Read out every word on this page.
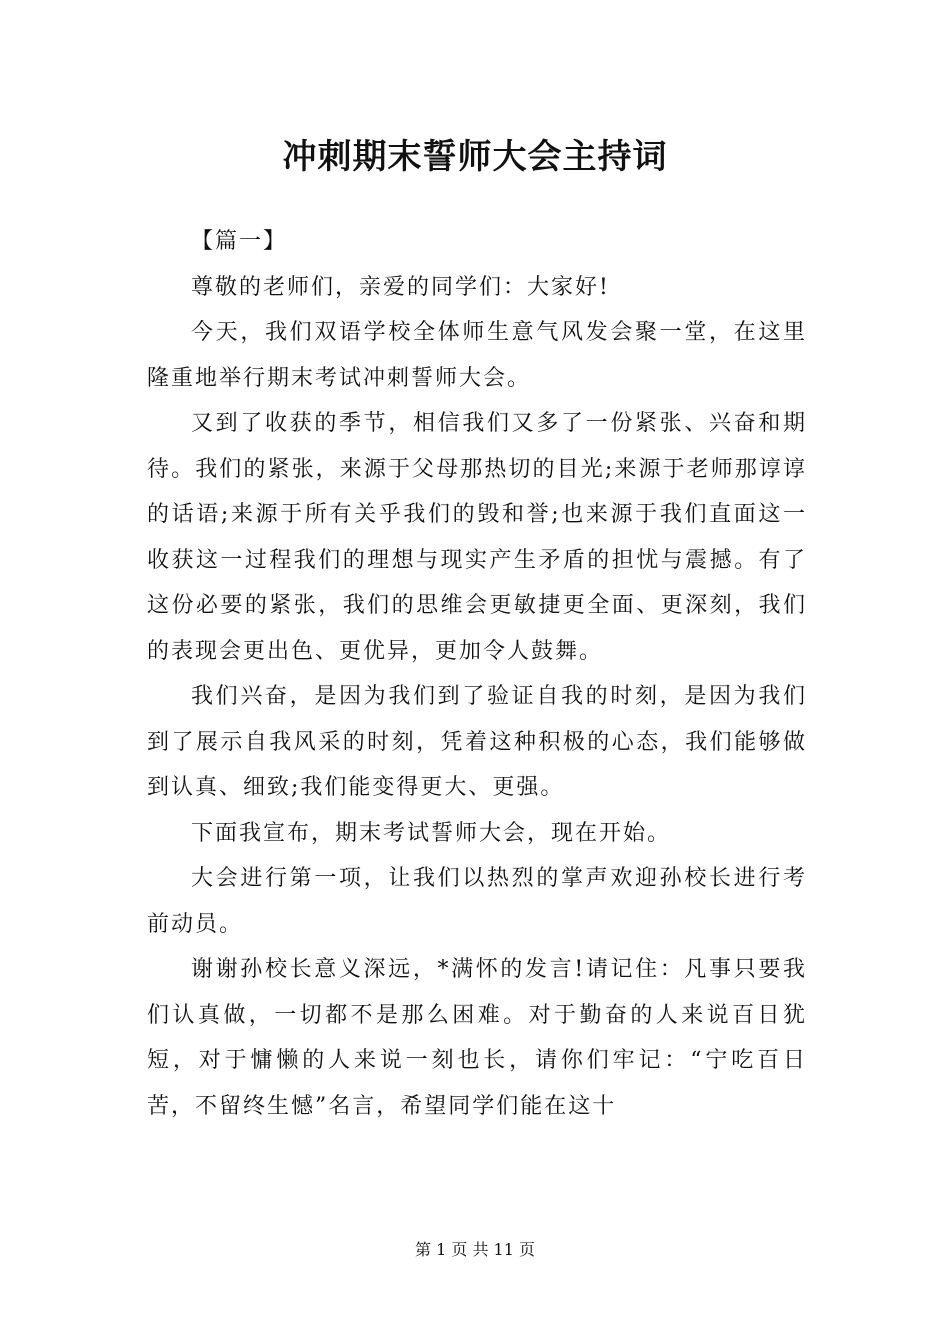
冲刺期末誓师大会主持词

【篇一】

尊敬的老师们，亲爱的同学们：大家好!

今天，我们双语学校全体师生意气风发会聚一堂，在这里隆重地举行期末考试冲刺誓师大会。

又到了收获的季节，相信我们又多了一份紧张、兴奋和期待。我们的紧张，来源于父母那热切的目光;来源于老师那谆谆的话语;来源于所有关乎我们的毁和誉;也来源于我们直面这一收获这一过程我们的理想与现实产生矛盾的担忧与震撼。有了这份必要的紧张，我们的思维会更敏捷更全面、更深刻，我们的表现会更出色、更优异，更加令人鼓舞。

我们兴奋，是因为我们到了验证自我的时刻，是因为我们到了展示自我风采的时刻，凭着这种积极的心态，我们能够做到认真、细致;我们能变得更大、更强。

下面我宣布，期末考试誓师大会，现在开始。

大会进行第一项，让我们以热烈的掌声欢迎孙校长进行考前动员。

谢谢孙校长意义深远，*满怀的发言!请记住：凡事只要我们认真做，一切都不是那么困难。对于勤奋的人来说百日犹短，对于慵懒的人来说一刻也长，请你们牢记：“宁吃百日苦，不留终生憾”名言，希望同学们能在这十

第 1 页 共 11 页
